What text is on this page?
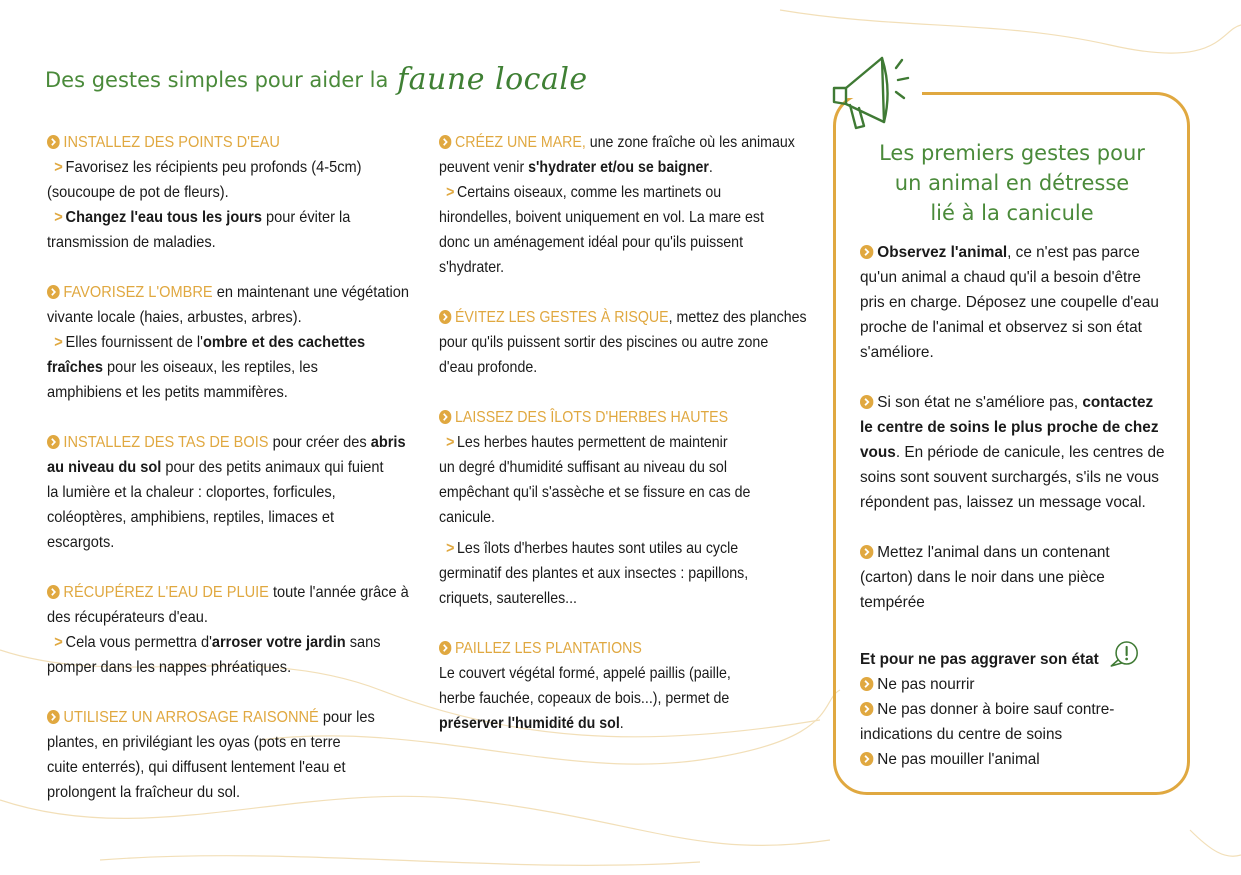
Des gestes simples pour aider la faune locale
INSTALLEZ DES POINTS D'EAU
> Favorisez les récipients peu profonds (4-5cm)
(soucoupe de pot de fleurs).
> Changez l'eau tous les jours pour éviter la
transmission de maladies.
FAVORISEZ L'OMBRE en maintenant une végétation
vivante locale (haies, arbustes, arbres).
> Elles fournissent de l'ombre et des cachettes
fraîches pour les oiseaux, les reptiles, les
amphibiens et les petits mammifères.
INSTALLEZ DES TAS DE BOIS pour créer des abris
au niveau du sol pour des petits animaux qui fuient
la lumière et la chaleur : cloportes, forficules,
coléoptères, amphibiens, reptiles, limaces et
escargots.
RÉCUPÉREZ L'EAU DE PLUIE toute l'année grâce à
des récupérateurs d'eau.
> Cela vous permettra d'arroser votre jardin sans
pomper dans les nappes phréatiques.
UTILISEZ UN ARROSAGE RAISONNÉ pour les
plantes, en privilégiant les oyas (pots en terre
cuite enterrés), qui diffusent lentement l'eau et
prolongent la fraîcheur du sol.
CRÉEZ UNE MARE, une zone fraîche où les animaux
peuvent venir s'hydrater et/ou se baigner.
> Certains oiseaux, comme les martinets ou
hirondelles, boivent uniquement en vol. La mare est
donc un aménagement idéal pour qu'ils puissent
s'hydrater.
ÉVITEZ LES GESTES À RISQUE, mettez des planches
pour qu'ils puissent sortir des piscines ou autre zone
d'eau profonde.
LAISSEZ DES ÎLOTS D'HERBES HAUTES
> Les herbes hautes permettent de maintenir
un degré d'humidité suffisant au niveau du sol
empêchant qu'il s'assèche et se fissure en cas de
canicule.
> Les îlots d'herbes hautes sont utiles au cycle
germinatif des plantes et aux insectes : papillons,
criquets, sauterelles...
PAILLEZ LES PLANTATIONS
Le couvert végétal formé, appelé paillis (paille,
herbe fauchée, copeaux de bois...), permet de
préserver l'humidité du sol.
Les premiers gestes pour
un animal en détresse
lié à la canicule
Observez l'animal, ce n'est pas parce
qu'un animal a chaud qu'il a besoin d'être
pris en charge. Déposez une coupelle d'eau
proche de l'animal et observez si son état
s'améliore.
Si son état ne s'améliore pas, contactez
le centre de soins le plus proche de chez
vous. En période de canicule, les centres de
soins sont souvent surchargés, s'ils ne vous
répondent pas, laissez un message vocal.
Mettez l'animal dans un contenant
(carton) dans le noir dans une pièce
tempérée
Et pour ne pas aggraver son état
Ne pas nourrir
Ne pas donner à boire sauf contre-
indications du centre de soins
Ne pas mouiller l'animal
